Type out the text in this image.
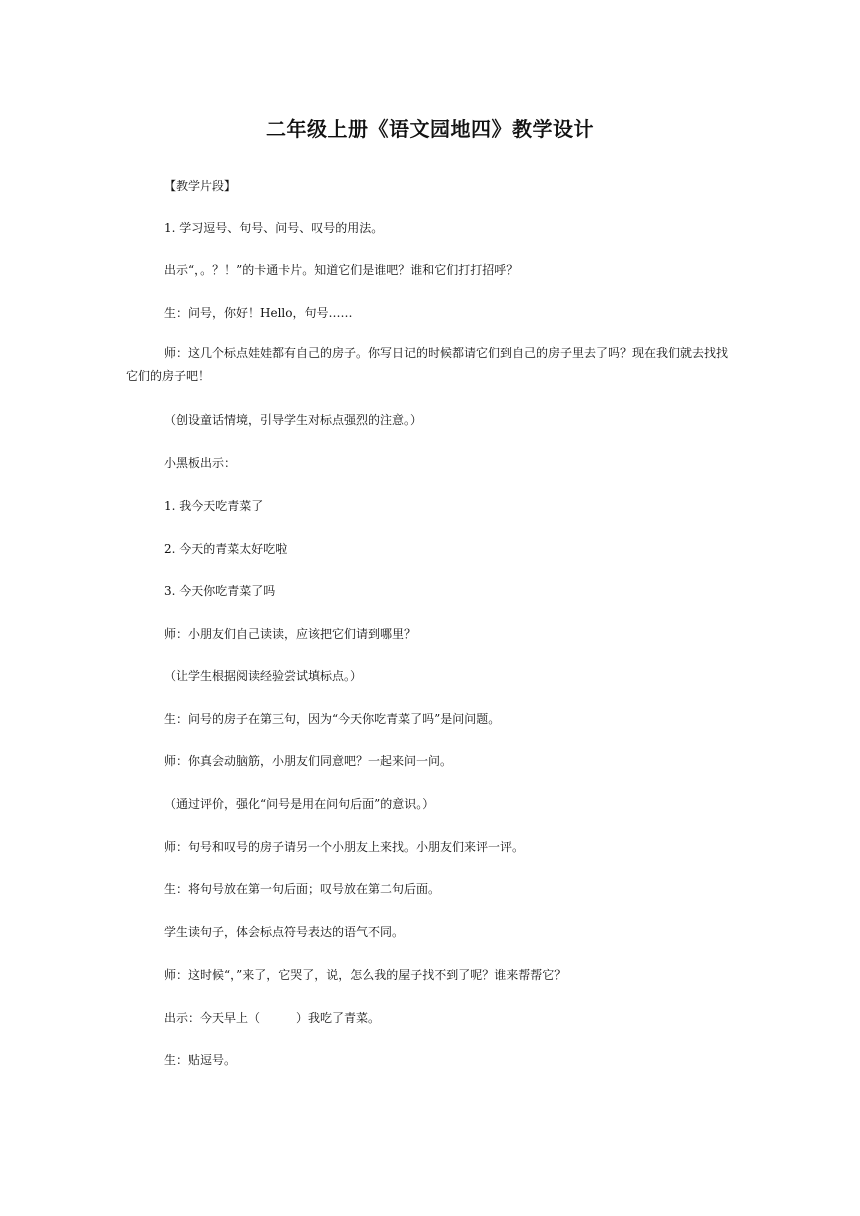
二年级上册《语文园地四》教学设计
【教学片段】
1. 学习逗号、句号、问号、叹号的用法。
出示“，。？！”的卡通卡片。知道它们是谁吧？谁和它们打打招呼？
生：问号，你好！Hello，句号……
师：这几个标点娃娃都有自己的房子。你写日记的时候都请它们到自己的房子里去了吗？现在我们就去找找它们的房子吧！
（创设童话情境，引导学生对标点强烈的注意。）
小黑板出示：
1. 我今天吃青菜了
2. 今天的青菜太好吃啦
3. 今天你吃青菜了吗
师：小朋友们自己读读，应该把它们请到哪里？
（让学生根据阅读经验尝试填标点。）
生：问号的房子在第三句，因为“今天你吃青菜了吗”是问问题。
师：你真会动脑筋，小朋友们同意吧？一起来问一问。
（通过评价，强化“问号是用在问句后面”的意识。）
师：句号和叹号的房子请另一个小朋友上来找。小朋友们来评一评。
生：将句号放在第一句后面；叹号放在第二句后面。
学生读句子，体会标点符号表达的语气不同。
师：这时候“，”来了，它哭了，说，怎么我的屋子找不到了呢？谁来帮帮它？
出示：今天早上（　　　）我吃了青菜。
生：贴逗号。
